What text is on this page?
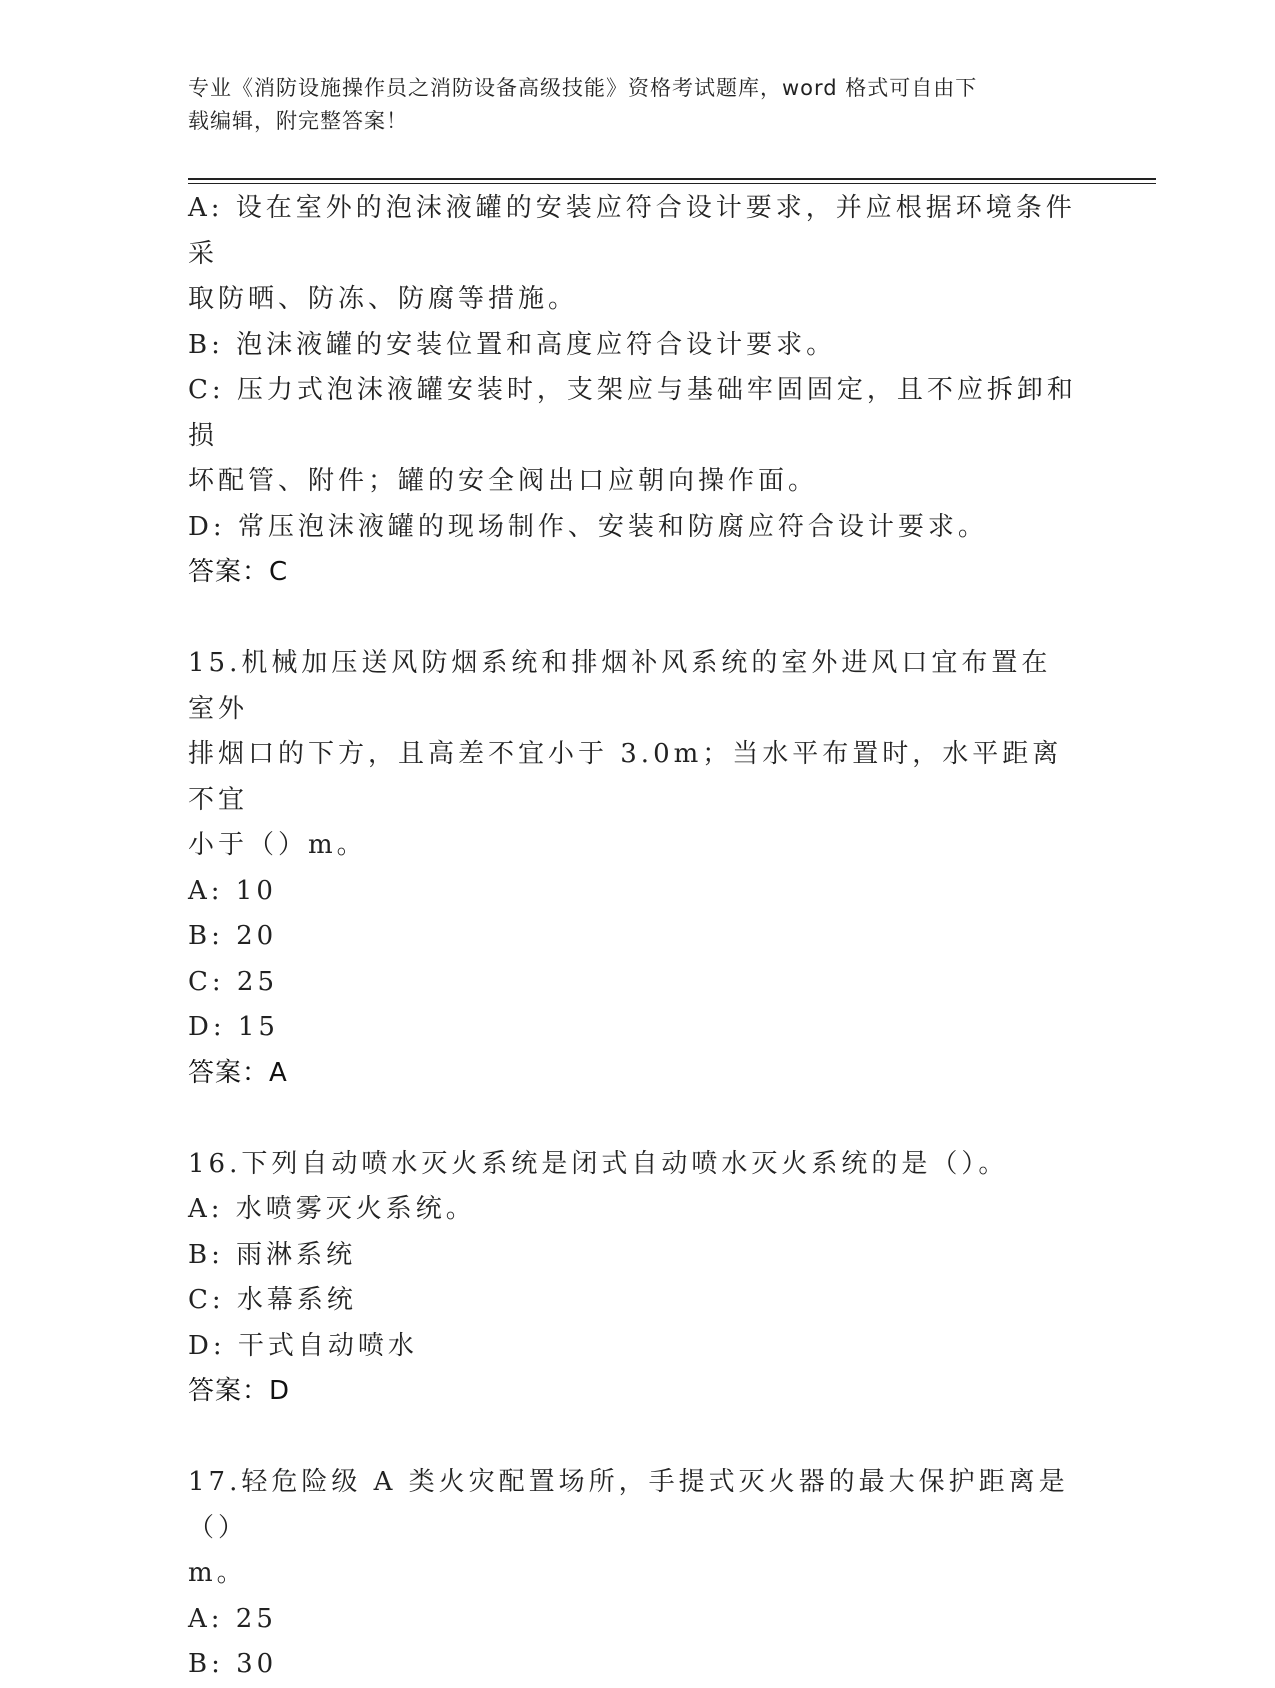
专业《消防设施操作员之消防设备高级技能》资格考试题库，word 格式可自由下
载编辑，附完整答案！
A: 设在室外的泡沫液罐的安装应符合设计要求，并应根据环境条件采
取防晒、防冻、防腐等措施。
B: 泡沫液罐的安装位置和高度应符合设计要求。
C: 压力式泡沫液罐安装时，支架应与基础牢固固定，且不应拆卸和损
坏配管、附件；罐的安全阀出口应朝向操作面。
D: 常压泡沫液罐的现场制作、安装和防腐应符合设计要求。
答案：C
15.机械加压送风防烟系统和排烟补风系统的室外进风口宜布置在室外
排烟口的下方，且高差不宜小于 3.0m；当水平布置时，水平距离不宜
小于（）m。
A: 10
B: 20
C: 25
D: 15
答案：A
16.下列自动喷水灭火系统是闭式自动喷水灭火系统的是（）。
A: 水喷雾灭火系统。
B: 雨淋系统
C: 水幕系统
D: 干式自动喷水
答案：D
17.轻危险级 A 类火灾配置场所，手提式灭火器的最大保护距离是（）
m。
A: 25
B: 30
